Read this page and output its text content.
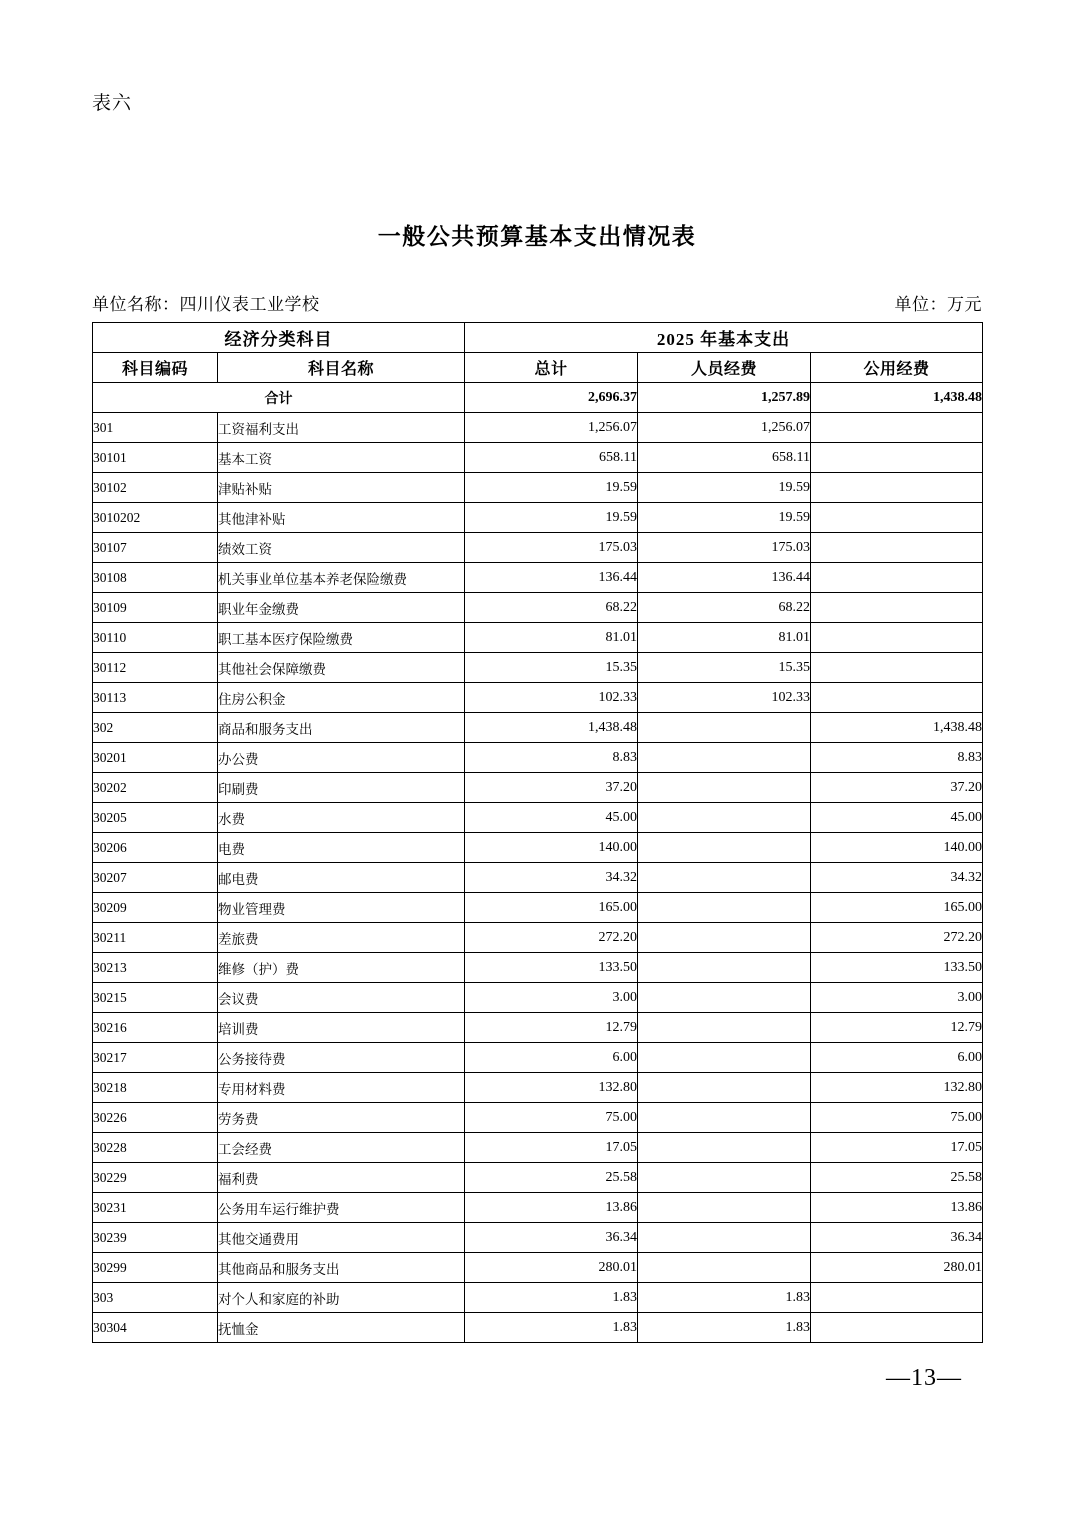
表六
一般公共预算基本支出情况表
单位名称：四川仪表工业学校	单位：万元
经济分类科目		2025 年基本支出		
科目编码	科目名称	总计	人员经费	公用经费
合计		2,696.37	1,257.89	1,438.48
301	工资福利支出	1,256.07	1,256.07	
30101	基本工资	658.11	658.11	
30102	津贴补贴	19.59	19.59	
3010202	其他津补贴	19.59	19.59	
30107	绩效工资	175.03	175.03	
30108	机关事业单位基本养老保险缴费	136.44	136.44	
30109	职业年金缴费	68.22	68.22	
30110	职工基本医疗保险缴费	81.01	81.01	
30112	其他社会保障缴费	15.35	15.35	
30113	住房公积金	102.33	102.33	
302	商品和服务支出	1,438.48		1,438.48
30201	办公费	8.83		8.83
30202	印刷费	37.20		37.20
30205	水费	45.00		45.00
30206	电费	140.00		140.00
30207	邮电费	34.32		34.32
30209	物业管理费	165.00		165.00
30211	差旅费	272.20		272.20
30213	维修（护）费	133.50		133.50
30215	会议费	3.00		3.00
30216	培训费	12.79		12.79
30217	公务接待费	6.00		6.00
30218	专用材料费	132.80		132.80
30226	劳务费	75.00		75.00
30228	工会经费	17.05		17.05
30229	福利费	25.58		25.58
30231	公务用车运行维护费	13.86		13.86
30239	其他交通费用	36.34		36.34
30299	其他商品和服务支出	280.01		280.01
303	对个人和家庭的补助	1.83	1.83	
30304	抚恤金	1.83	1.83	
—13—
